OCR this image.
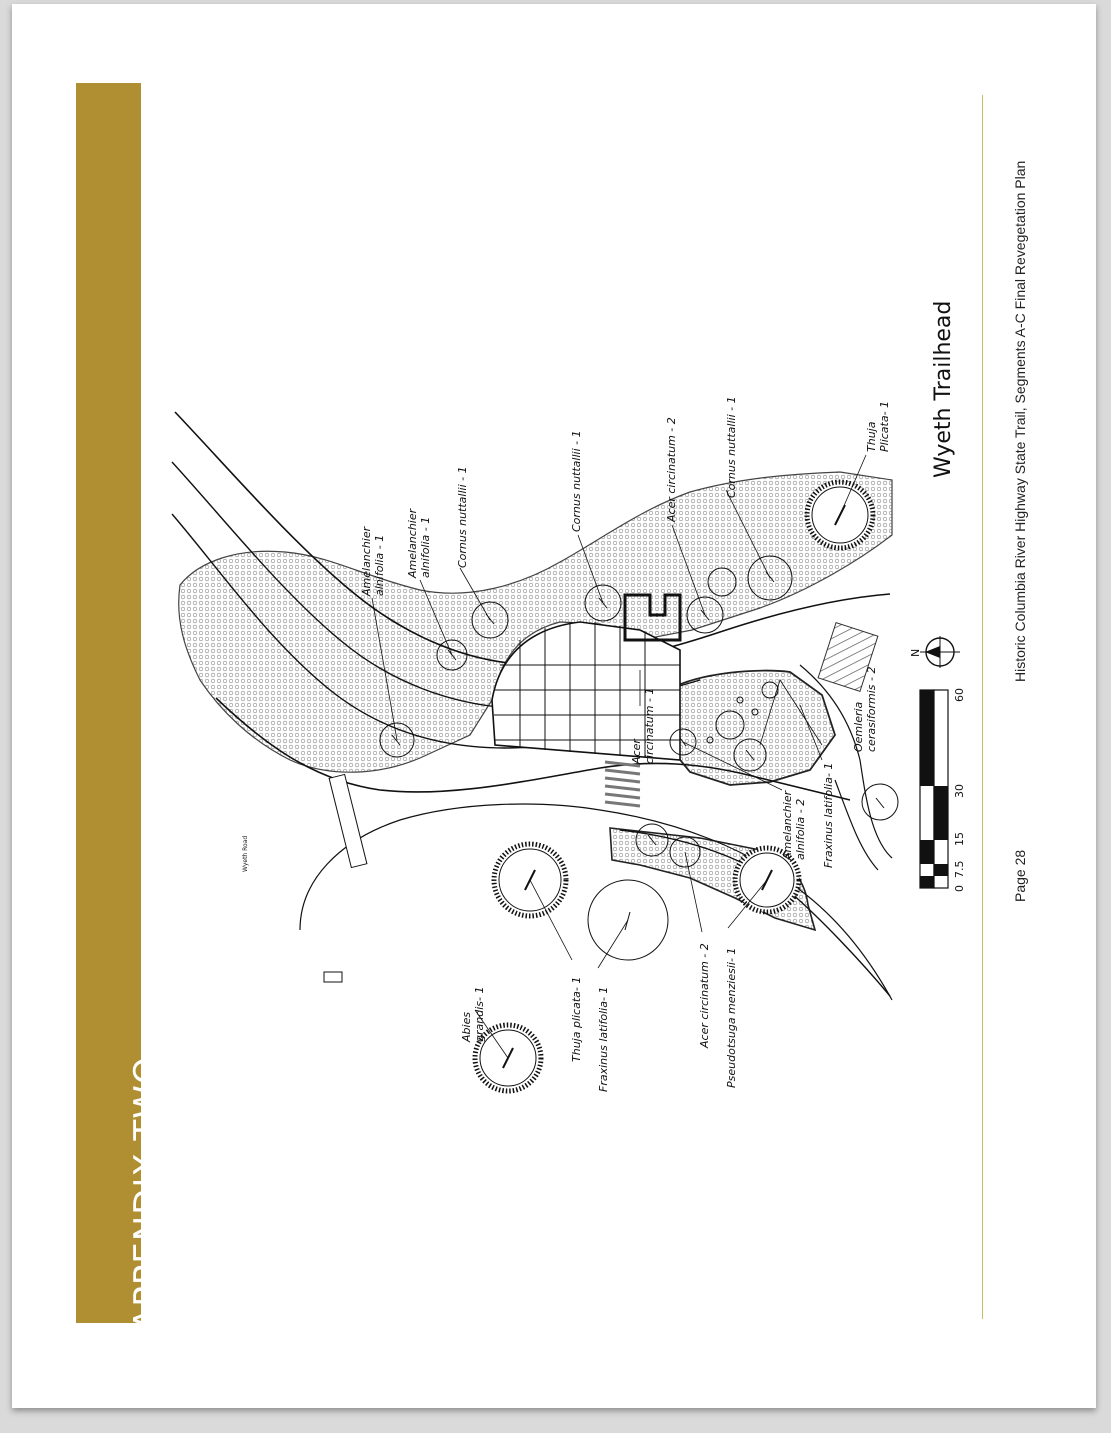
APPENDIX TWO
Historic Columbia River Highway State Trail, Segments A-C Final Revegetation Plan
Page 28
Amelanchieralnifolia - 1 Amelanchieralnifolia - 1 Cornus nuttallii - 1	Cornus nuttallii - 1	Acer circinatum - 2	Cornus nuttallii - 1	ThujaPlicata- 1
Acercircinatum - 1	Oemleriacerasiformis - 2
Fraxinus latifolia- 1
Amelanchieralnifolia - 2
Acer circinatum - 2 Pseudotsuga menziesii- 1
Thuja plicata- 1 Fraxinus latifolia- 1
Abiesgrandis- 1
Wyeth Road
N
0
7.5
15
30
60
Wyeth Trailhead
